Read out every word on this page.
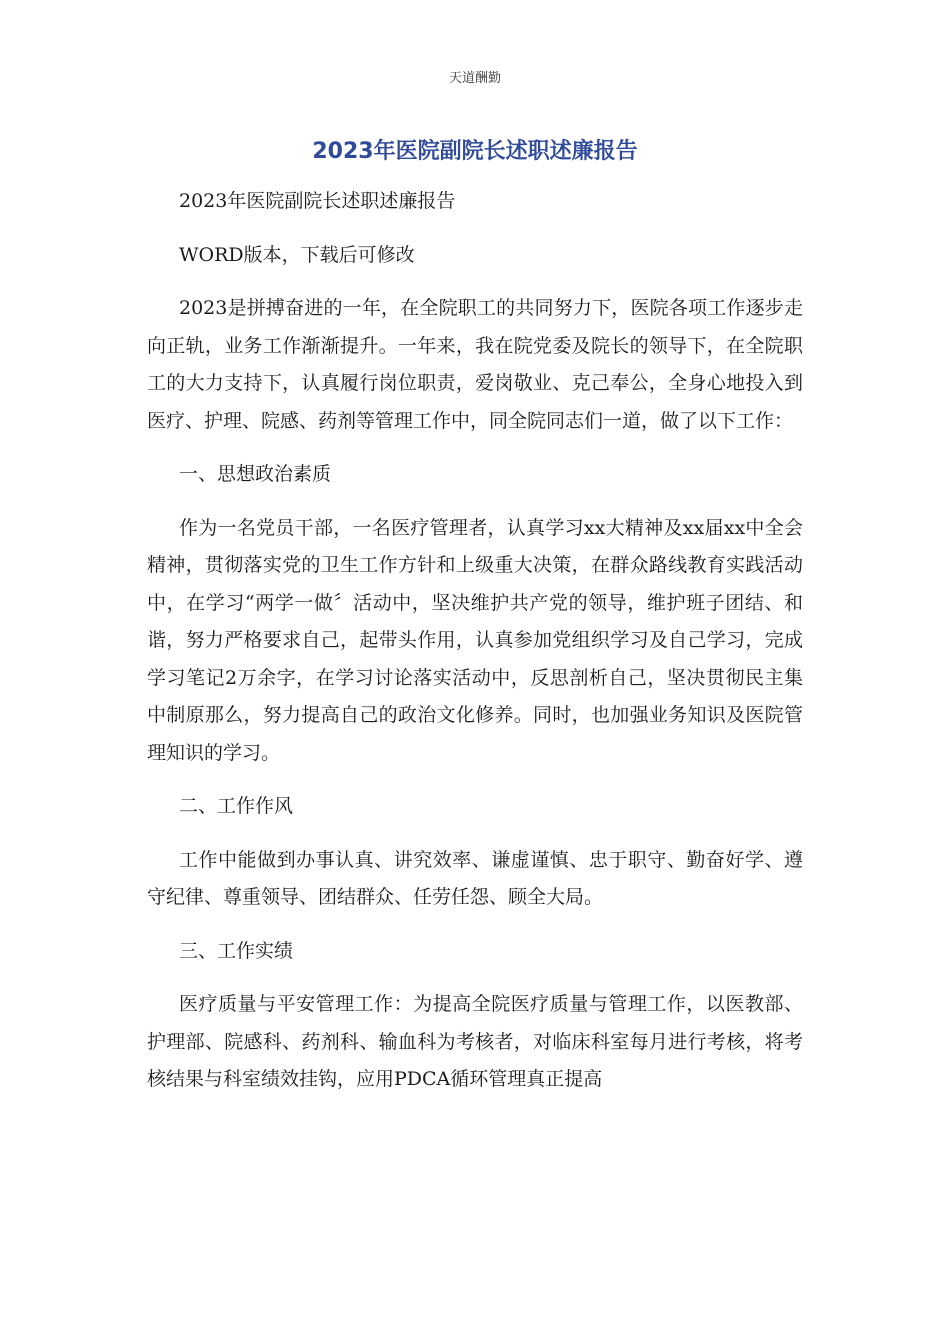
天道酬勤
2023年医院副院长述职述廉报告

2023年医院副院长述职述廉报告

WORD版本，下载后可修改

2023是拼搏奋进的一年，在全院职工的共同努力下，医院各项工作逐步走向正轨，业务工作渐渐提升。一年来，我在院党委及院长的领导下，在全院职工的大力支持下，认真履行岗位职责，爱岗敬业、克己奉公，全身心地投入到医疗、护理、院感、药剂等管理工作中，同全院同志们一道，做了以下工作：

一、思想政治素质

作为一名党员干部，一名医疗管理者，认真学习xx大精神及xx届xx中全会精神，贯彻落实党的卫生工作方针和上级重大决策，在群众路线教育实践活动中，在学习“两学一做〞活动中，坚决维护共产党的领导，维护班子团结、和谐，努力严格要求自己，起带头作用，认真参加党组织学习及自己学习，完成学习笔记2万余字，在学习讨论落实活动中，反思剖析自己，坚决贯彻民主集中制原那么，努力提高自己的政治文化修养。同时，也加强业务知识及医院管理知识的学习。

二、工作作风

工作中能做到办事认真、讲究效率、谦虚谨慎、忠于职守、勤奋好学、遵守纪律、尊重领导、团结群众、任劳任怨、顾全大局。

三、工作实绩

医疗质量与平安管理工作：为提高全院医疗质量与管理工作，以医教部、护理部、院感科、药剂科、输血科为考核者，对临床科室每月进行考核，将考核结果与科室绩效挂钩，应用PDCA循环管理真正提高
